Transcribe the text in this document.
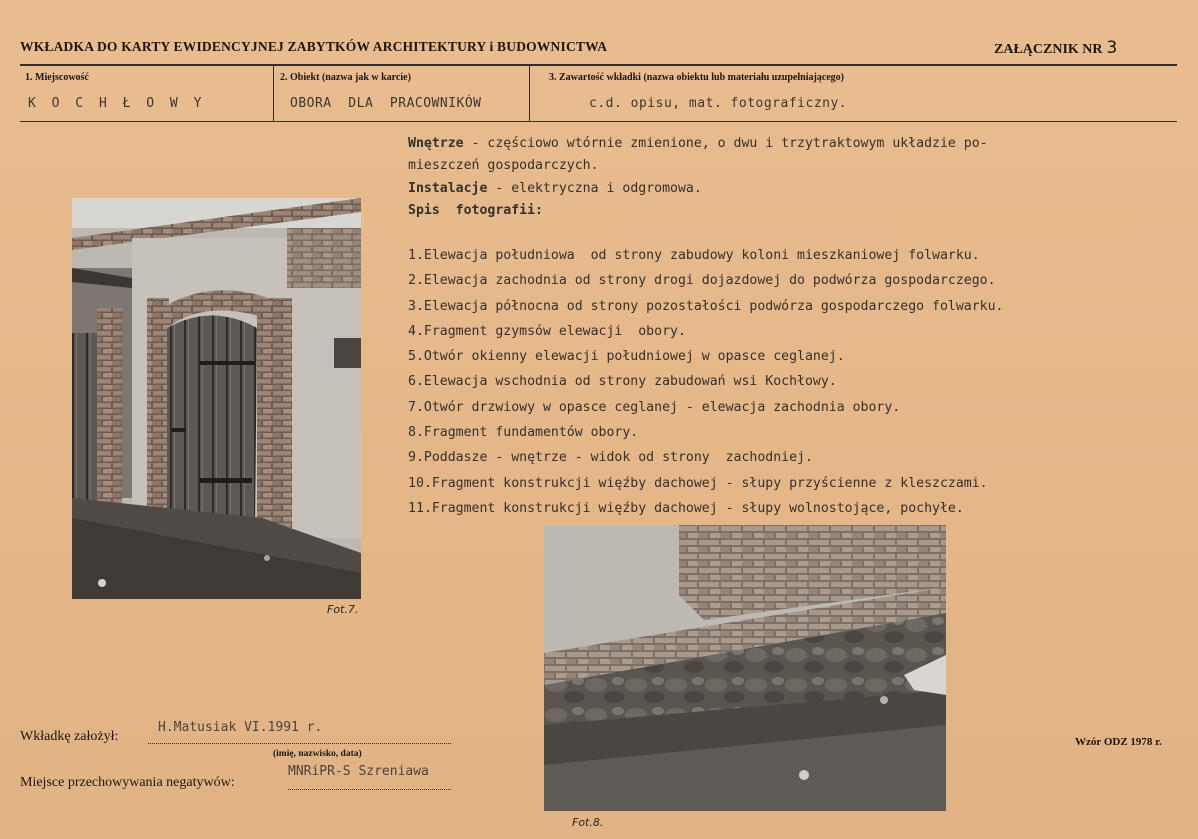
WKŁADKA DO KARTY EWIDENCYJNEJ ZABYTKÓW ARCHITEKTURY i BUDOWNICTWA	ZAŁĄCZNIK NR 3
1. Miejscowość
K O C H Ł O W Y
2. Obiekt (nazwa jak w karcie)
OBORA  DLA  PRACOWNIKÓW
3. Zawartość wkładki (nazwa obiektu lub materiału uzupełniającego)
c.d. opisu, mat. fotograficzny.
Wnętrze - częściowo wtórnie zmienione, o dwu i trzytraktowym układzie po-
mieszczeń gospodarczych.
Instalacje - elektryczna i odgromowa.
Spis  fotografii:
1.Elewacja południowa  od strony zabudowy koloni mieszkaniowej folwarku.
2.Elewacja zachodnia od strony drogi dojazdowej do podwórza gospodarczego.
3.Elewacja północna od strony pozostałości podwórza gospodarczego folwarku.
4.Fragment gzymsów elewacji  obory.
5.Otwór okienny elewacji południowej w opasce ceglanej.
6.Elewacja wschodnia od strony zabudowań wsi Kochłowy.
7.Otwór drzwiowy w opasce ceglanej - elewacja zachodnia obory.
8.Fragment fundamentów obory.
9.Poddasze - wnętrze - widok od strony  zachodniej.
10.Fragment konstrukcji więźby dachowej - słupy przyścienne z kleszczami.
11.Fragment konstrukcji więźby dachowej - słupy wolnostojące, pochyłe.
Fot.7.
Fot.8.
Wkładkę założył:
H.Matusiak VI.1991 r.
(imię, nazwisko, data)
Miejsce przechowywania negatywów:
MNRiPR-S Szreniawa
Wzór ODZ 1978 r.
